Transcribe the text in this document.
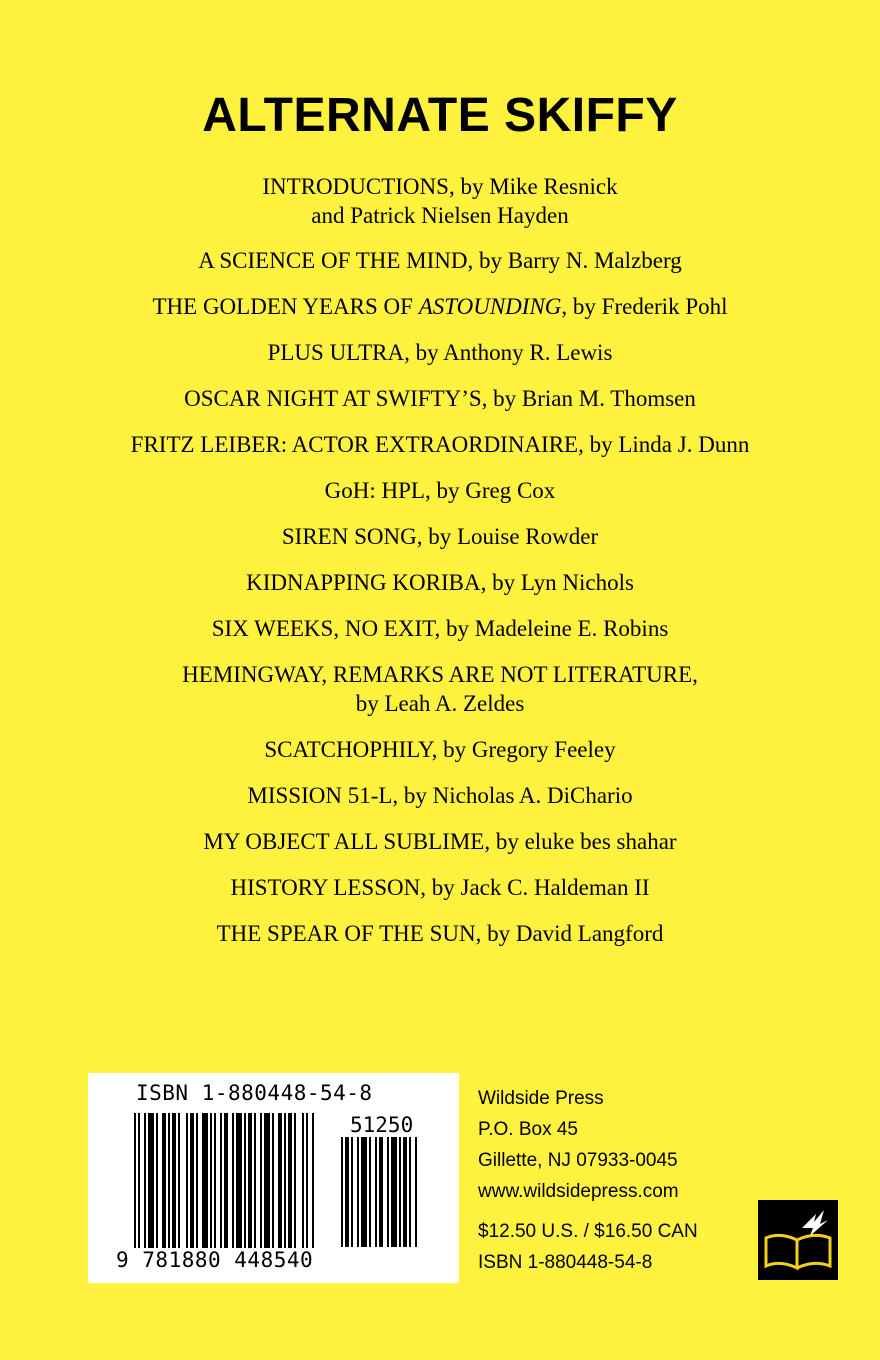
ALTERNATE SKIFFY
INTRODUCTIONS, by Mike Resnick
and Patrick Nielsen Hayden
A SCIENCE OF THE MIND, by Barry N. Malzberg
THE GOLDEN YEARS OF ASTOUNDING, by Frederik Pohl
PLUS ULTRA, by Anthony R. Lewis
OSCAR NIGHT AT SWIFTY’S, by Brian M. Thomsen
FRITZ LEIBER: ACTOR EXTRAORDINAIRE, by Linda J. Dunn
GoH: HPL, by Greg Cox
SIREN SONG, by Louise Rowder
KIDNAPPING KORIBA, by Lyn Nichols
SIX WEEKS, NO EXIT, by Madeleine E. Robins
HEMINGWAY, REMARKS ARE NOT LITERATURE,
by Leah A. Zeldes
SCATCHOPHILY, by Gregory Feeley
MISSION 51-L, by Nicholas A. DiChario
MY OBJECT ALL SUBLIME, by eluke bes shahar
HISTORY LESSON, by Jack C. Haldeman II
THE SPEAR OF THE SUN, by David Langford
ISBN 1-880448-54-8
51250
9 781880 448540
Wildside Press
P.O. Box 45
Gillette, NJ 07933-0045
www.wildsidepress.com
$12.50 U.S. / $16.50 CAN
ISBN 1-880448-54-8
